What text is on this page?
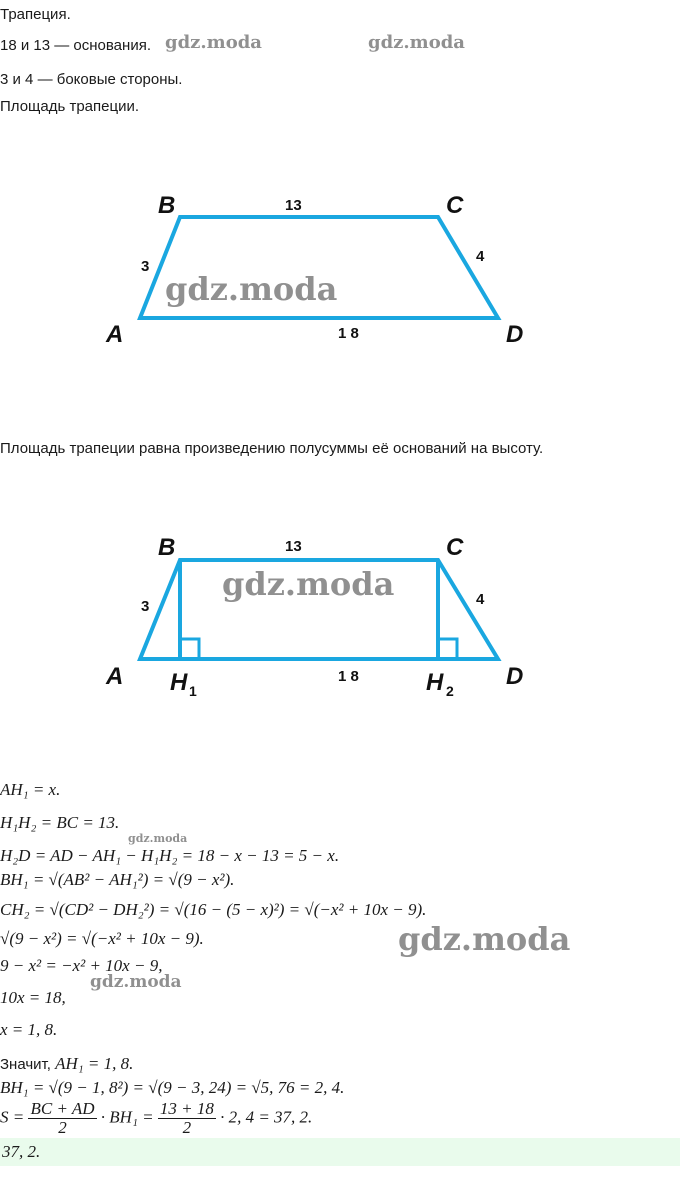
Трапеция.
18 и 13 — основания.
3 и 4 — боковые стороны.
Площадь трапеции.
gdz.moda	gdz.moda
B	C
A	D
13
1 8
3
4
gdz.moda
Площадь трапеции равна произведению полусуммы её оснований на высоту.
B	C
A	D
H 1	H 2
13
1 8
3	4
gdz.moda
AH₁ = x.
H₁H₂ = BC = 13.
gdz.moda
H₂D = AD − AH₁ − H₁H₂ = 18 − x − 13 = 5 − x.
BH₁ = √(AB² − AH₁²) = √(9 − x²).
CH₂ = √(CD² − DH₂²) = √(16 − (5 − x)²) = √(−x² + 10x − 9).
√(9 − x²) = √(−x² + 10x − 9).	gdz.moda
9 − x² = −x² + 10x − 9,
10x = 18,
gdz.moda
x = 1, 8.
Значит, AH₁ = 1, 8.
BH₁ = √(9 − 1, 8²) = √(9 − 3, 24) = √5, 76 = 2, 4.
$S = \frac{BC + AD}{2} \cdot BH_1 = \frac{13 + 18}{2} \cdot 2$, 4 = 37, 2.
37, 2.
